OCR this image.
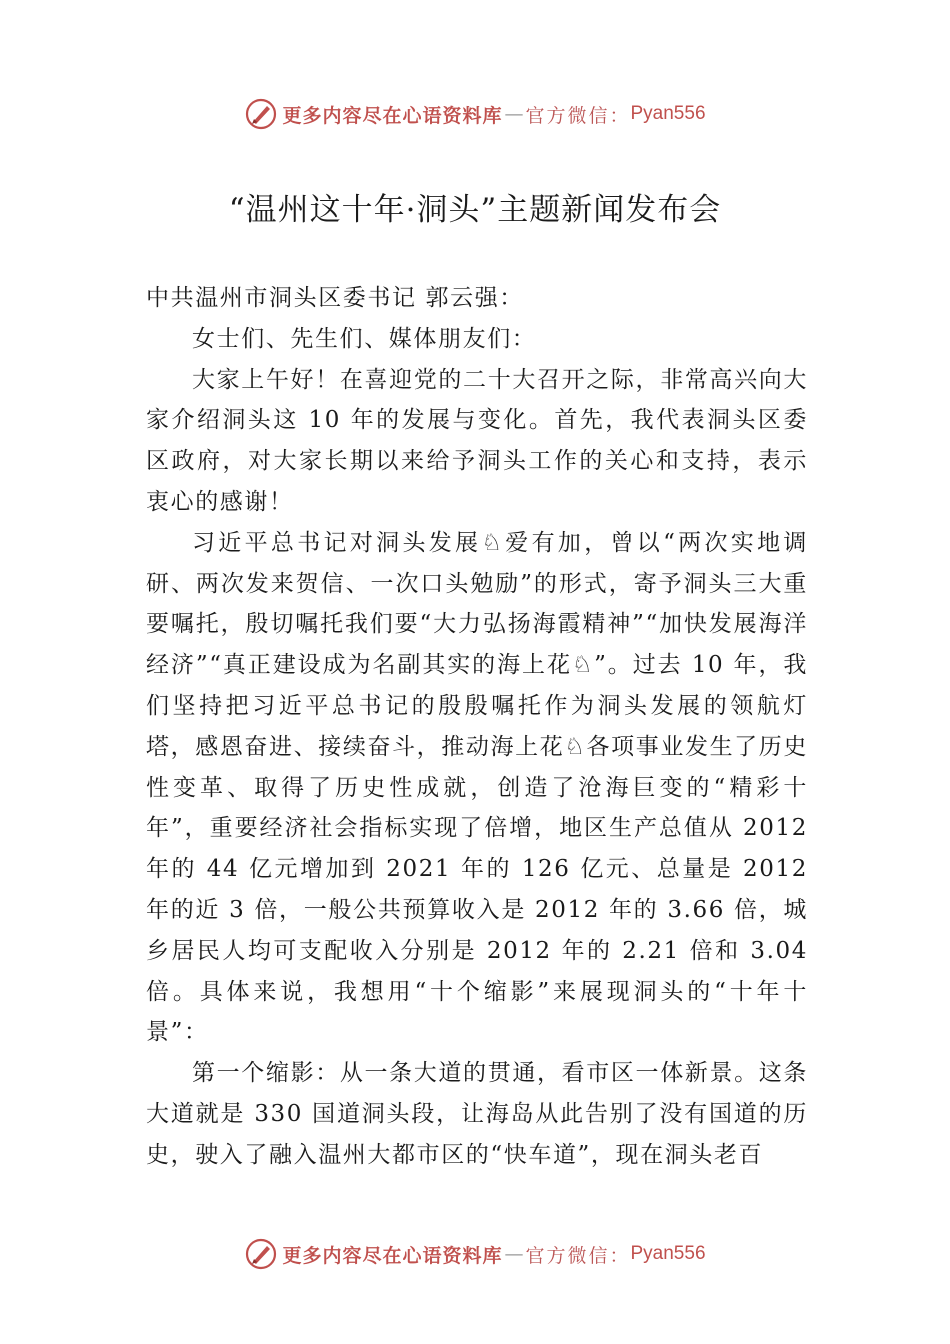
更多内容尽在心语资料库 — 官方微信： Pyan556
“温州这十年·洞头”主题新闻发布会

中共温州市洞头区委书记 郭云强：

女士们、先生们、媒体朋友们：

大家上午好！在喜迎党的二十大召开之际，非常高兴向大家介绍洞头这 10 年的发展与变化。首先，我代表洞头区委区政府，对大家长期以来给予洞头工作的关心和支持，表示衷心的感谢！

习近平总书记对洞头发展♘爱有加，曾以“两次实地调研、两次发来贺信、一次口头勉励”的形式，寄予洞头三大重要嘱托，殷切嘱托我们要“大力弘扬海霞精神”“加快发展海洋经济”“真正建设成为名副其实的海上花♘”。过去 10 年，我们坚持把习近平总书记的殷殷嘱托作为洞头发展的领航灯塔，感恩奋进、接续奋斗，推动海上花♘各项事业发生了历史性变革、取得了历史性成就，创造了沧海巨变的“精彩十年”，重要经济社会指标实现了倍增，地区生产总值从 2012 年的 44 亿元增加到 2021 年的 126 亿元、总量是 2012 年的近 3 倍，一般公共预算收入是 2012 年的 3.66 倍，城乡居民人均可支配收入分别是 2012 年的 2.21 倍和 3.04 倍。具体来说，我想用“十个缩影”来展现洞头的“十年十景”：

第一个缩影：从一条大道的贯通，看市区一体新景。这条大道就是 330 国道洞头段，让海岛从此告别了没有国道的历史，驶入了融入温州大都市区的“快车道”，现在洞头老百

更多内容尽在心语资料库 — 官方微信： Pyan556
